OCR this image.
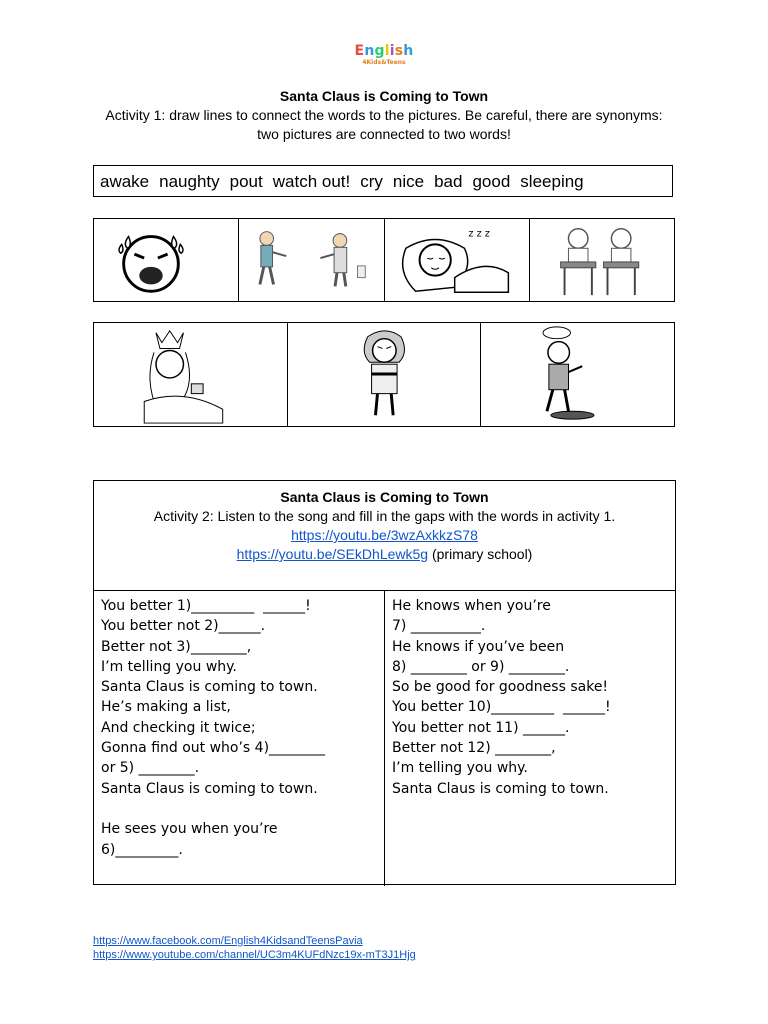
English
4Kids&Teens
Santa Claus is Coming to Town
Activity 1: draw lines to connect the words to the pictures. Be careful, there are synonyms: two pictures are connected to two words!
awake naughty pout watch out! cry nice bad good sleeping
z z z
Santa Claus is Coming to Town
Activity 2: Listen to the song and fill in the gaps with the words in activity 1.
https://youtu.be/3wzAxkkzS78
https://youtu.be/SEkDhLewk5g (primary school)
You better 1)_________  ______!
You better not 2)______.
Better not 3)________,
I’m telling you why.
Santa Claus is coming to town.
He’s making a list,
And checking it twice;
Gonna find out who’s 4)________
or 5) ________.
Santa Claus is coming to town.
He sees you when you’re
6)_________.
He knows when you’re
7) __________.
He knows if you’ve been
8) ________ or 9) ________.
So be good for goodness sake!
You better 10)_________  ______!
You better not 11) ______.
Better not 12) ________,
I’m telling you why.
Santa Claus is coming to town.
https://www.facebook.com/English4KidsandTeensPavia
https://www.youtube.com/channel/UC3m4KUFdNzc19x-mT3J1Hjg
